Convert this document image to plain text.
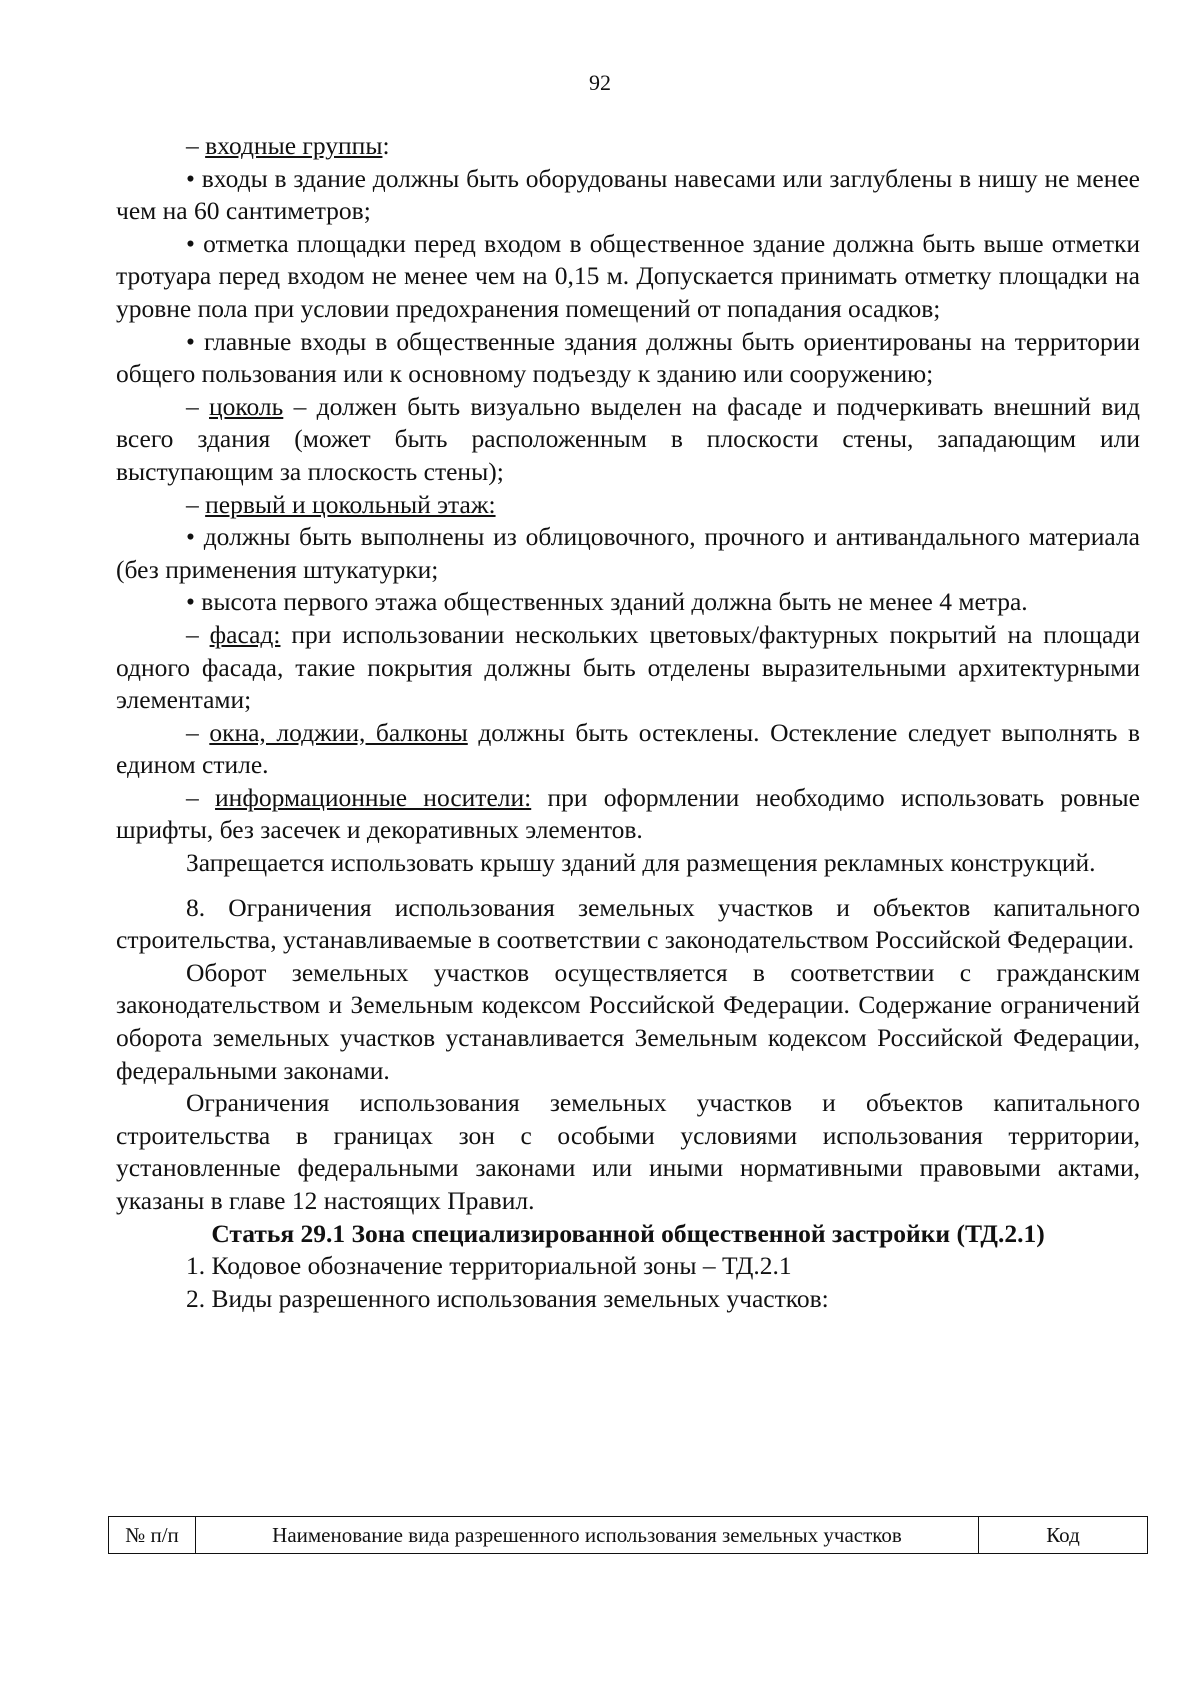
92

– входные группы:

• входы в здание должны быть оборудованы навесами или заглублены в нишу не менее чем на 60 сантиметров;

• отметка площадки перед входом в общественное здание должна быть выше отметки тротуара перед входом не менее чем на 0,15 м. Допускается принимать отметку площадки на уровне пола при условии предохранения помещений от попадания осадков;

• главные входы в общественные здания должны быть ориентированы на территории общего пользования или к основному подъезду к зданию или сооружению;

– цоколь – должен быть визуально выделен на фасаде и подчеркивать внешний вид всего здания (может быть расположенным в плоскости стены, западающим или выступающим за плоскость стены);

– первый и цокольный этаж:

• должны быть выполнены из облицовочного, прочного и антивандального материала (без применения штукатурки;

• высота первого этажа общественных зданий должна быть не менее 4 метра.

– фасад: при использовании нескольких цветовых/фактурных покрытий на площади одного фасада, такие покрытия должны быть отделены выразительными архитектурными элементами;

– окна, лоджии, балконы должны быть остеклены. Остекление следует выполнять в едином стиле.

– информационные носители: при оформлении необходимо использовать ровные шрифты, без засечек и декоративных элементов.

Запрещается использовать крышу зданий для размещения рекламных конструкций.

8. Ограничения использования земельных участков и объектов капитального строительства, устанавливаемые в соответствии с законодательством Российской Федерации.

Оборот земельных участков осуществляется в соответствии с гражданским законодательством и Земельным кодексом Российской Федерации. Содержание ограничений оборота земельных участков устанавливается Земельным кодексом Российской Федерации, федеральными законами.

Ограничения использования земельных участков и объектов капитального строительства в границах зон с особыми условиями использования территории, установленные федеральными законами или иными нормативными правовыми актами, указаны в главе 12 настоящих Правил.

Статья 29.1 Зона специализированной общественной застройки (ТД.2.1)

1. Кодовое обозначение территориальной зоны – ТД.2.1

2. Виды разрешенного использования земельных участков:

№ п/п	Наименование вида разрешенного использования земельных участков	Код
